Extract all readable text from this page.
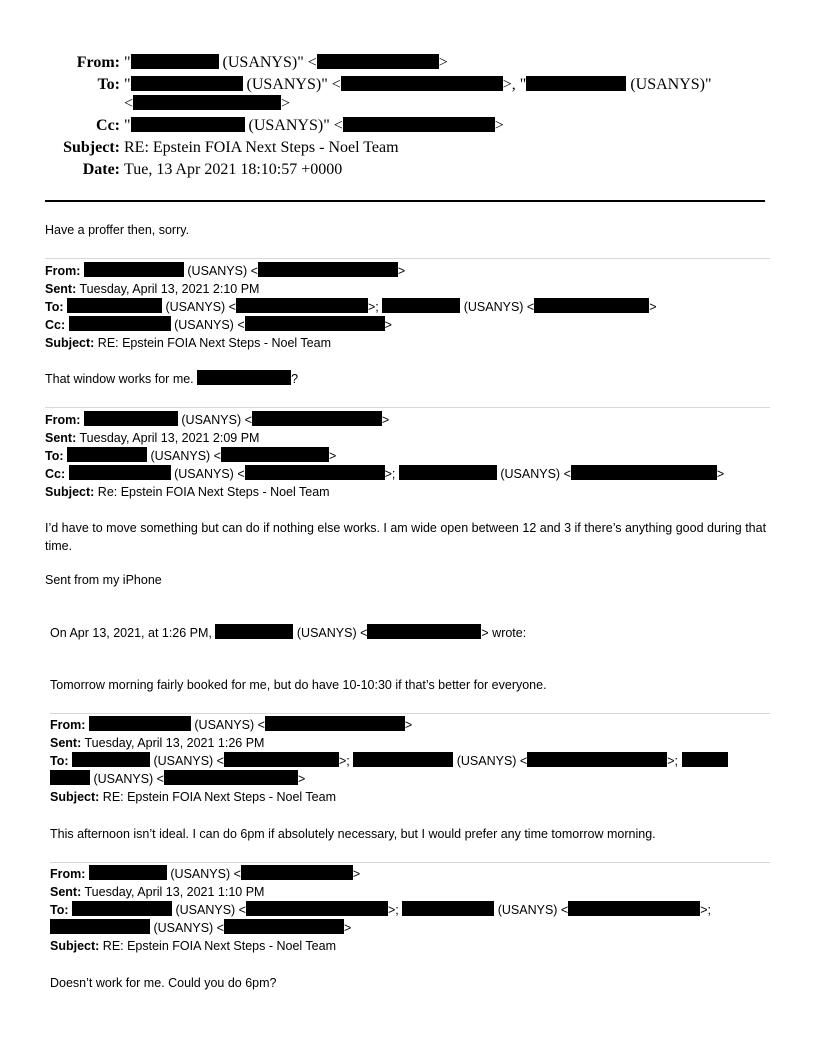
From: "	(USANYS)" <	>
To: "	(USANYS)" <	>, "	(USANYS)"
<	>
Cc: "	(USANYS)" <	>
Subject: RE: Epstein FOIA Next Steps - Noel Team
Date: Tue, 13 Apr 2021 18:10:57 +0000
Have a proffer then, sorry.
From:	(USANYS) <	>
Sent: Tuesday, April 13, 2021 2:10 PM
To:	(USANYS) <	>;	(USANYS) <	>
Cc:	(USANYS) <	>
Subject: RE: Epstein FOIA Next Steps - Noel Team
That window works for me.	?
From:	(USANYS) <	>
Sent: Tuesday, April 13, 2021 2:09 PM
To:	(USANYS) <	>
Cc:	(USANYS) <	>;	(USANYS) <	>
Subject: Re: Epstein FOIA Next Steps - Noel Team
I’d have to move something but can do if nothing else works. I am wide open between 12 and 3 if there’s anything good during that time.
Sent from my iPhone
On Apr 13, 2021, at 1:26 PM,	(USANYS) <	> wrote:
Tomorrow morning fairly booked for me, but do have 10-10:30 if that’s better for everyone.
From:	(USANYS) <	>
Sent: Tuesday, April 13, 2021 1:26 PM
To:	(USANYS) <	>;	(USANYS) <	>;
(USANYS) <	>
Subject: RE: Epstein FOIA Next Steps - Noel Team
This afternoon isn’t ideal. I can do 6pm if absolutely necessary, but I would prefer any time tomorrow morning.
From:	(USANYS) <	>
Sent: Tuesday, April 13, 2021 1:10 PM
To:	(USANYS) <	>;	(USANYS) <	>;
(USANYS) <	>
Subject: RE: Epstein FOIA Next Steps - Noel Team
Doesn’t work for me. Could you do 6pm?
